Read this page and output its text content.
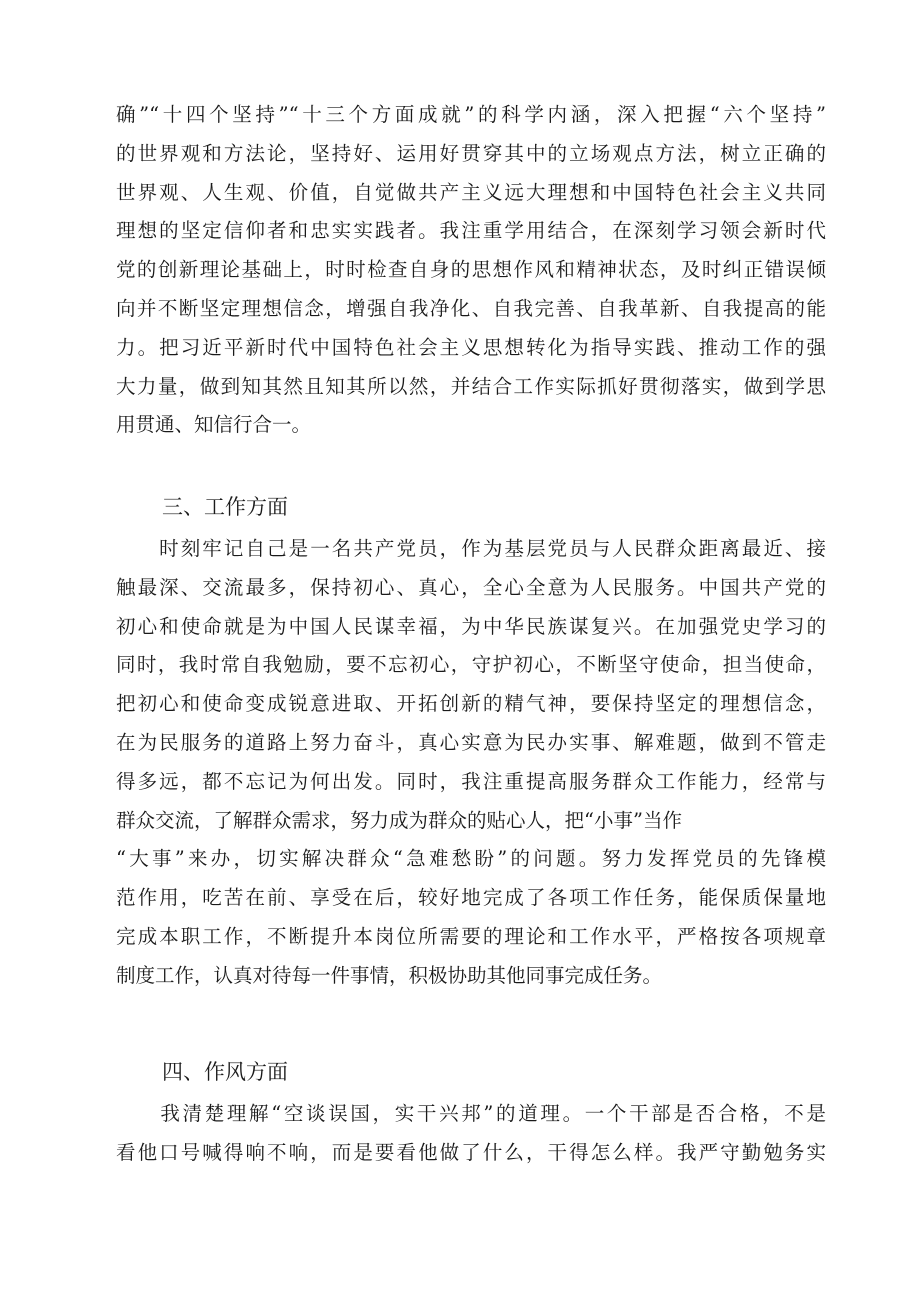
确”“十四个坚持”“十三个方面成就”的科学内涵，深入把握“六个坚持”
的世界观和方法论，坚持好、运用好贯穿其中的立场观点方法，树立正确的
世界观、人生观、价值，自觉做共产主义远大理想和中国特色社会主义共同
理想的坚定信仰者和忠实实践者。我注重学用结合，在深刻学习领会新时代
党的创新理论基础上，时时检查自身的思想作风和精神状态，及时纠正错误倾
向并不断坚定理想信念，增强自我净化、自我完善、自我革新、自我提高的能
力。把习近平新时代中国特色社会主义思想转化为指导实践、推动工作的强
大力量，做到知其然且知其所以然，并结合工作实际抓好贯彻落实，做到学思
用贯通、知信行合一。
三、工作方面
　　时刻牢记自己是一名共产党员，作为基层党员与人民群众距离最近、接
触最深、交流最多，保持初心、真心，全心全意为人民服务。中国共产党的
初心和使命就是为中国人民谋幸福，为中华民族谋复兴。在加强党史学习的
同时，我时常自我勉励，要不忘初心，守护初心，不断坚守使命，担当使命，
把初心和使命变成锐意进取、开拓创新的精气神，要保持坚定的理想信念，
在为民服务的道路上努力奋斗，真心实意为民办实事、解难题，做到不管走
得多远，都不忘记为何出发。同时，我注重提高服务群众工作能力，经常与
群众交流，了解群众需求，努力成为群众的贴心人，把“小事”当作
“大事”来办，切实解决群众“急难愁盼”的问题。努力发挥党员的先锋模
范作用，吃苦在前、享受在后，较好地完成了各项工作任务，能保质保量地
完成本职工作，不断提升本岗位所需要的理论和工作水平，严格按各项规章
制度工作，认真对待每一件事情，积极协助其他同事完成任务。
四、作风方面
　　我清楚理解“空谈误国，实干兴邦”的道理。一个干部是否合格，不是
看他口号喊得响不响，而是要看他做了什么，干得怎么样。我严守勤勉务实
